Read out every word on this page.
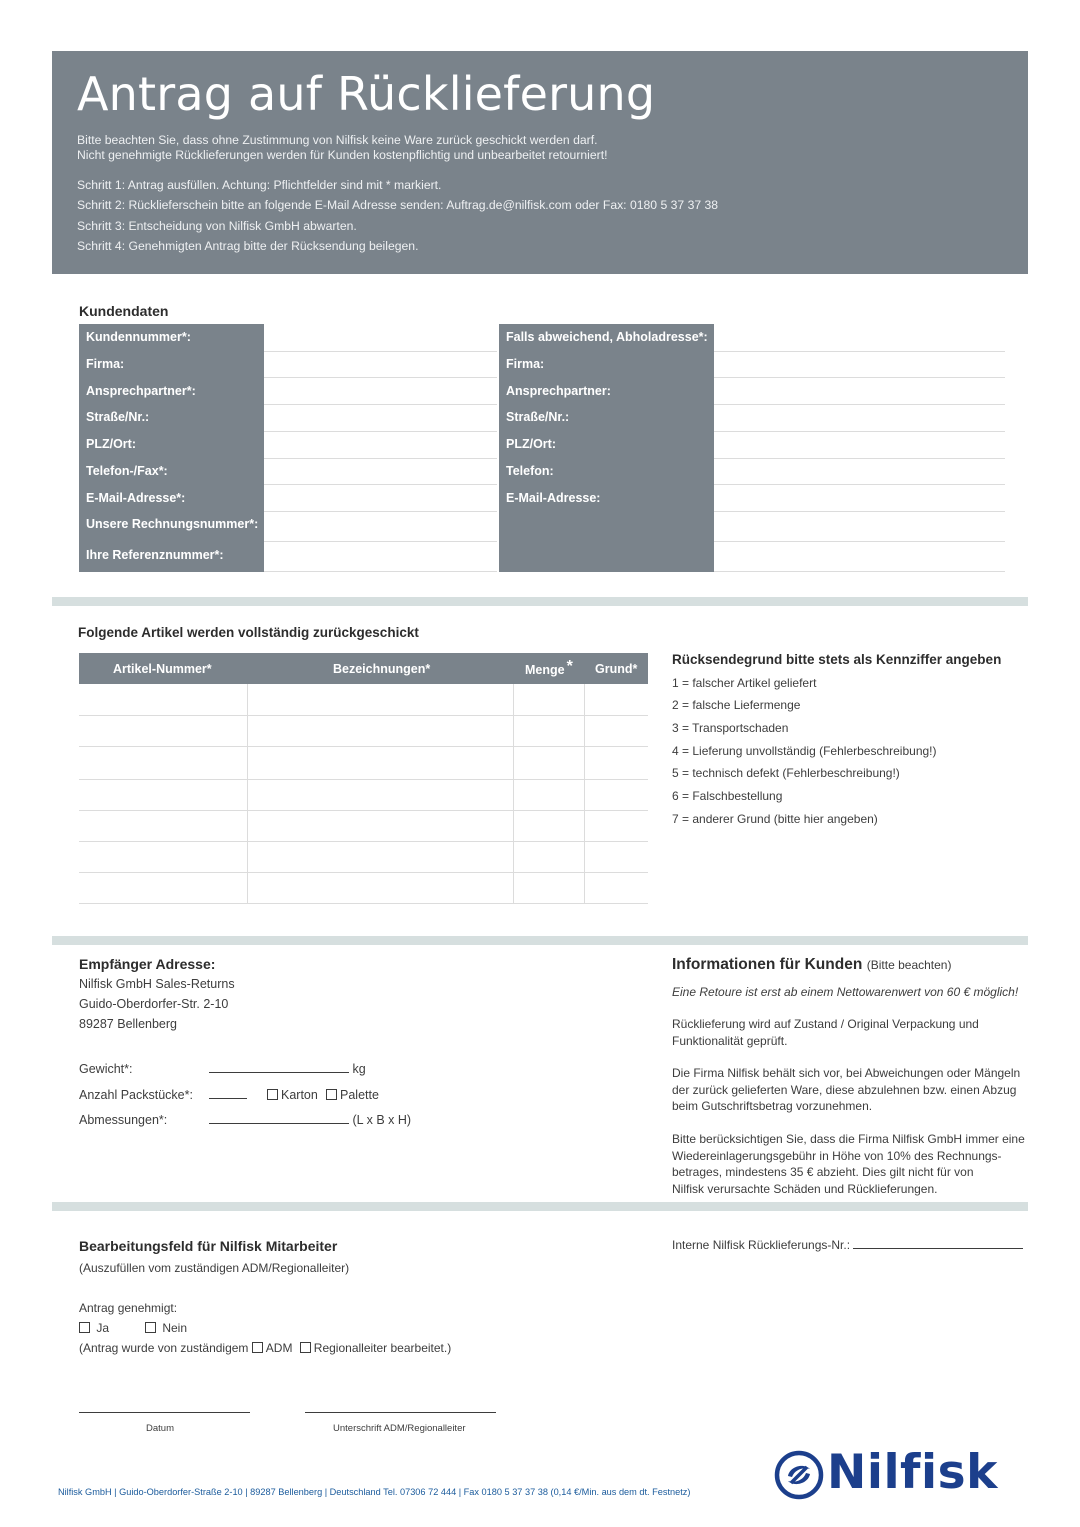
Antrag auf Rücklieferung
Bitte beachten Sie, dass ohne Zustimmung von Nilfisk keine Ware zurück geschickt werden darf.
Nicht genehmigte Rücklieferungen werden für Kunden kostenpflichtig und unbearbeitet retourniert!
Schritt 1: Antrag ausfüllen. Achtung: Pflichtfelder sind mit * markiert.
Schritt 2: Rücklieferschein bitte an folgende E-Mail Adresse senden: Auftrag.de@nilfisk.com oder Fax: 0180 5 37 37 38
Schritt 3: Entscheidung von Nilfisk GmbH abwarten.
Schritt 4: Genehmigten Antrag bitte der Rücksendung beilegen.
Kundendaten
Kundennummer*:
Firma:
Ansprechpartner*:
Straße/Nr.:
PLZ/Ort:
Telefon-/Fax*:
E-Mail-Adresse*:
Unsere Rechnungsnummer*:
Ihre Referenznummer*:
Falls abweichend, Abholadresse*:
Firma:
Ansprechpartner:
Straße/Nr.:
PLZ/Ort:
Telefon:
E-Mail-Adresse:
Folgende Artikel werden vollständig zurückgeschickt
Artikel-Nummer*	Bezeichnungen*	Menge * Grund*
Rücksendegrund bitte stets als Kennziffer angeben
1 = falscher Artikel geliefert
2 = falsche Liefermenge
3 = Transportschaden
4 = Lieferung unvollständig (Fehlerbeschreibung!)
5 = technisch defekt (Fehlerbeschreibung!)
6 = Falschbestellung
7 = anderer Grund (bitte hier angeben)
Empfänger Adresse:
Nilfisk GmbH Sales-Returns
Guido-Oberdorfer-Str. 2-10
89287 Bellenberg
Gewicht*:	kg
Anzahl Packstücke*:	Karton	Palette
Abmessungen*:	(L x B x H)
Informationen für Kunden (Bitte beachten)
Eine Retoure ist erst ab einem Nettowarenwert von 60 € möglich!
Rücklieferung wird auf Zustand / Original Verpackung und
Funktionalität geprüft.
Die Firma Nilfisk behält sich vor, bei Abweichungen oder Mängeln
der zurück gelieferten Ware, diese abzulehnen bzw. einen Abzug
beim Gutschriftsbetrag vorzunehmen.
Bitte berücksichtigen Sie, dass die Firma Nilfisk GmbH immer eine
Wiedereinlagerungsgebühr in Höhe von 10% des Rechnungs-
betrages, mindestens 35 € abzieht. Dies gilt nicht für von
Nilfisk verursachte Schäden und Rücklieferungen.
Bearbeitungsfeld für Nilfisk Mitarbeiter
(Auszufüllen vom zuständigen ADM/Regionalleiter)
Antrag genehmigt:
Ja	Nein
(Antrag wurde von zuständigem ADM Regionalleiter bearbeitet.)
Interne Nilfisk Rücklieferungs-Nr.:
Datum	Unterschrift ADM/Regionalleiter
Nilfisk GmbH | Guido-Oberdorfer-Straße 2-10 | 89287 Bellenberg | Deutschland Tel. 07306 72 444 | Fax 0180 5 37 37 38 (0,14 €/Min. aus dem dt. Festnetz)	Nilfisk
